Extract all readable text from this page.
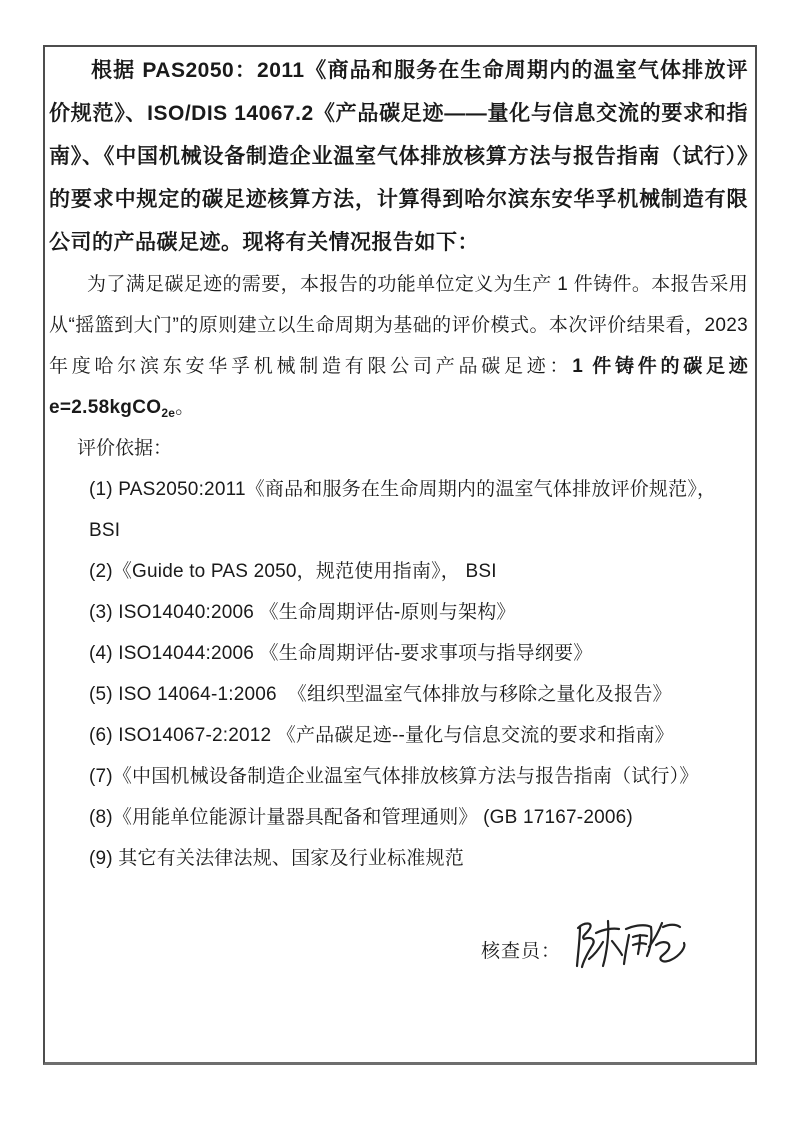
根据 PAS2050：2011《商品和服务在生命周期内的温室气体排放评价规范》、ISO/DIS 14067.2《产品碳足迹——量化与信息交流的要求和指南》、《中国机械设备制造企业温室气体排放核算方法与报告指南（试行）》的要求中规定的碳足迹核算方法，计算得到哈尔滨东安华孚机械制造有限公司的产品碳足迹。现将有关情况报告如下：

为了满足碳足迹的需要，本报告的功能单位定义为生产 1 件铸件。本报告采用从“摇篮到大门”的原则建立以生命周期为基础的评价模式。本次评价结果看，2023 年度哈尔滨东安华孚机械制造有限公司产品碳足迹：1 件铸件的碳足迹 e=2.58kgCO$_{2e}$。

评价依据：

(1) PAS2050:2011《商品和服务在生命周期内的温室气体排放评价规范》， BSI
(2)《Guide to PAS 2050，规范使用指南》， BSI
(3) ISO14040:2006 《生命周期评估-原则与架构》
(4) ISO14044:2006 《生命周期评估-要求事项与指导纲要》
(5) ISO 14064-1:2006  《组织型温室气体排放与移除之量化及报告》
(6) ISO14067-2:2012 《产品碳足迹--量化与信息交流的要求和指南》
(7)《中国机械设备制造企业温室气体排放核算方法与报告指南（试行）》
(8)《用能单位能源计量器具配备和管理通则》 (GB 17167-2006)
(9) 其它有关法律法规、国家及行业标准规范
核查员：
